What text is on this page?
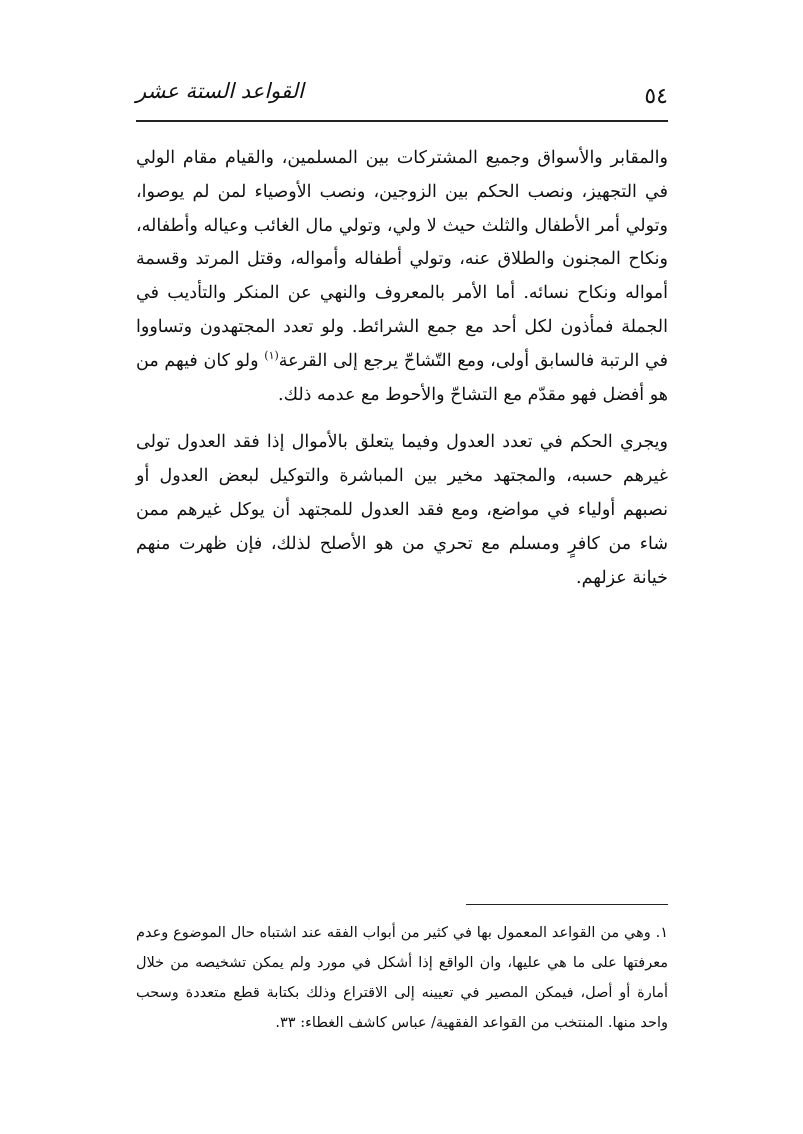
٥٤
القواعد الستة عشر

والمقابر والأسواق وجميع المشتركات بين المسلمين، والقيام مقام الولي في التجهيز، ونصب الحكم بين الزوجين، ونصب الأوصياء لمن لم يوصوا، وتولي أمر الأطفال والثلث حيث لا ولي، وتولي مال الغائب وعياله وأطفاله، ونكاح المجنون والطلاق عنه، وتولي أطفاله وأمواله، وقتل المرتد وقسمة أمواله ونكاح نسائه. أما الأمر بالمعروف والنهي عن المنكر والتأديب في الجملة فمأذون لكل أحد مع جمع الشرائط. ولو تعدد المجتهدون وتساووا في الرتبة فالسابق أولى، ومع التّشاحّ يرجع إلى القرعة$^{(١)}$ ولو كان فيهم من هو أفضل فهو مقدّم مع التشاحّ والأحوط مع عدمه ذلك.

ويجري الحكم في تعدد العدول وفيما يتعلق بالأموال إذا فقد العدول تولى غيرهم حسبه، والمجتهد مخير بين المباشرة والتوكيل لبعض العدول أو نصبهم أولياء في مواضع، ومع فقد العدول للمجتهد أن يوكل غيرهم ممن شاء من كافرٍ ومسلم مع تحري من هو الأصلح لذلك، فإن ظهرت منهم خيانة عزلهم.

١. وهي من القواعد المعمول بها في كثير من أبواب الفقه عند اشتباه حال الموضوع وعدم معرفتها على ما هي عليها، وان الواقع إذا أشكل في مورد ولم يمكن تشخيصه من خلال أمارة أو أصل، فيمكن المصير في تعيينه إلى الاقتراع وذلك بكتابة قطع متعددة وسحب واحد منها. المنتخب من القواعد الفقهية/ عباس كاشف الغطاء: ٣٣.
